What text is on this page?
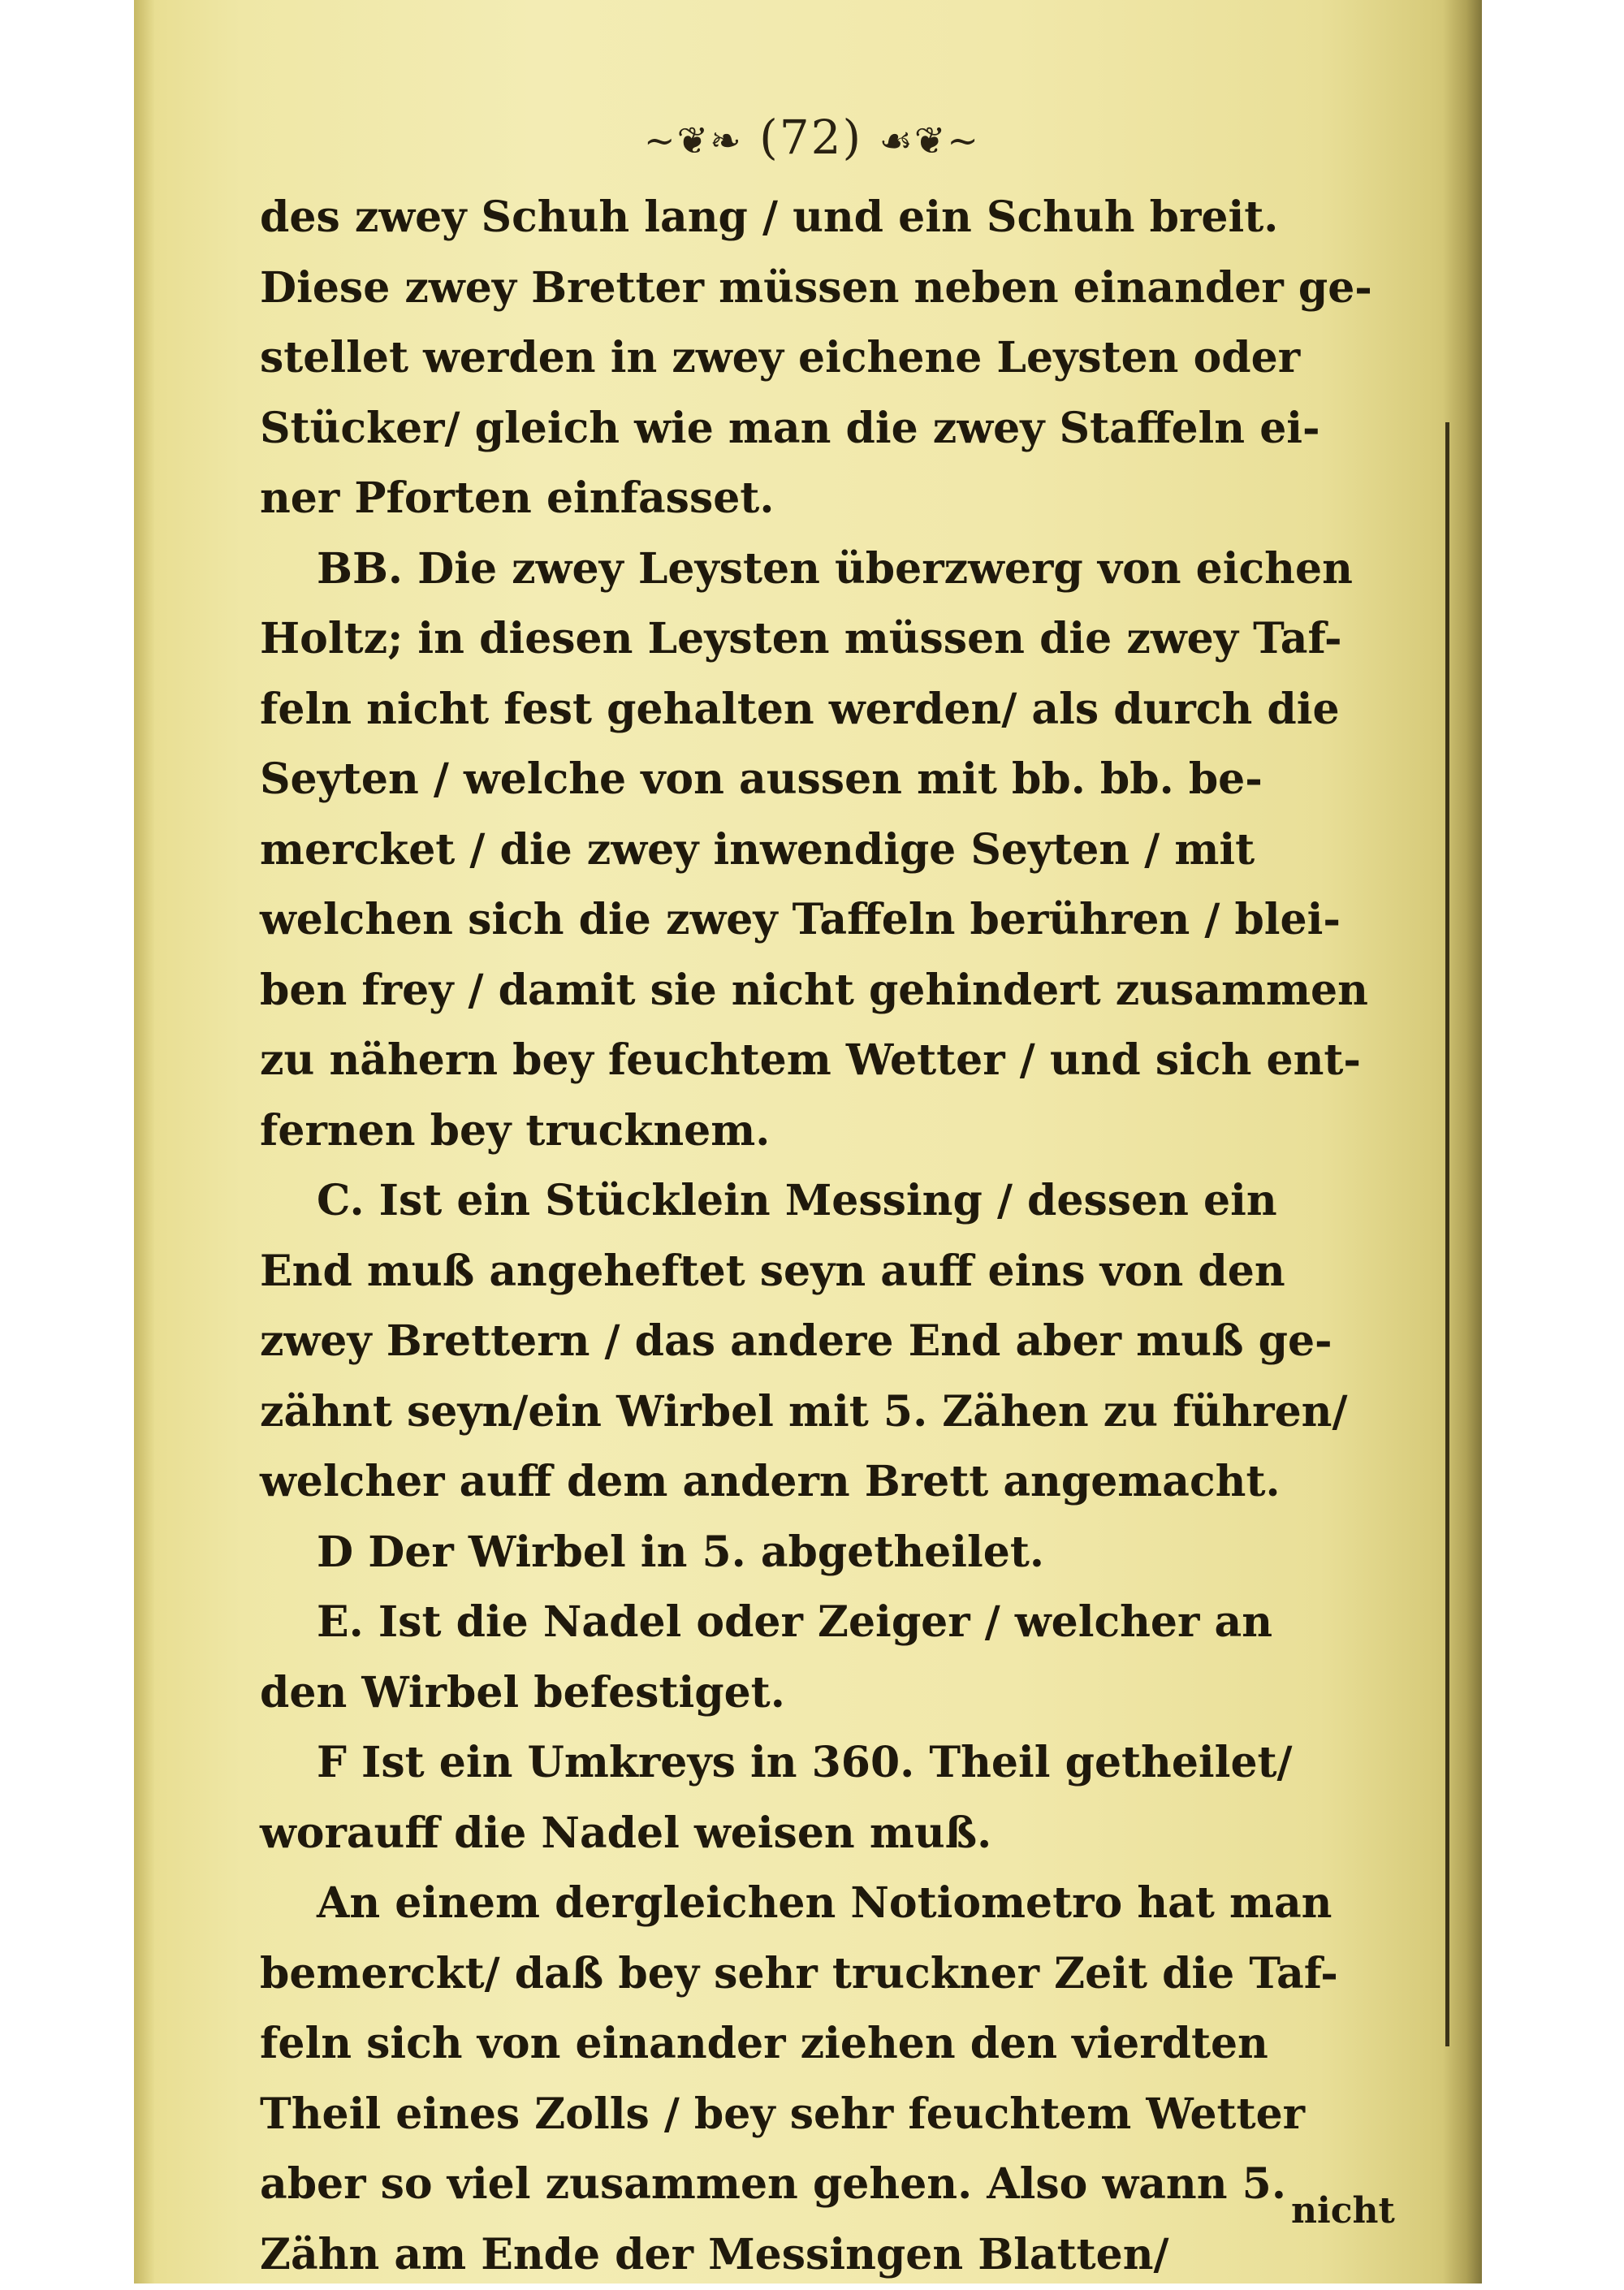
~❦❧ (72) ☙❦~
des zwey Schuh lang / und ein Schuh breit.
Diese zwey Bretter müssen neben einander ge-
stellet werden in zwey eichene Leysten oder
Stücker/ gleich wie man die zwey Staffeln ei-
ner Pforten einfasset.
BB. Die zwey Leysten überzwerg von eichen
Holtz; in diesen Leysten müssen die zwey Taf-
feln nicht fest gehalten werden/ als durch die
Seyten / welche von aussen mit bb. bb. be-
mercket / die zwey inwendige Seyten / mit
welchen sich die zwey Taffeln berühren / blei-
ben frey / damit sie nicht gehindert zusammen
zu nähern bey feuchtem Wetter / und sich ent-
fernen bey trucknem.
C. Ist ein Stücklein Messing / dessen ein
End muß angeheftet seyn auff eins von den
zwey Brettern / das andere End aber muß ge-
zähnt seyn/ein Wirbel mit 5. Zähen zu führen/
welcher auff dem andern Brett angemacht.
D Der Wirbel in 5. abgetheilet.
E. Ist die Nadel oder Zeiger / welcher an
den Wirbel befestiget.
F Ist ein Umkreys in 360. Theil getheilet/
worauff die Nadel weisen muß.
An einem dergleichen Notiometro hat man
bemerckt/ daß bey sehr truckner Zeit die Taf-
feln sich von einander ziehen den vierdten
Theil eines Zolls / bey sehr feuchtem Wetter
aber so viel zusammen gehen. Also wann 5.
Zähn am Ende der Messingen Blatten/
nicht
